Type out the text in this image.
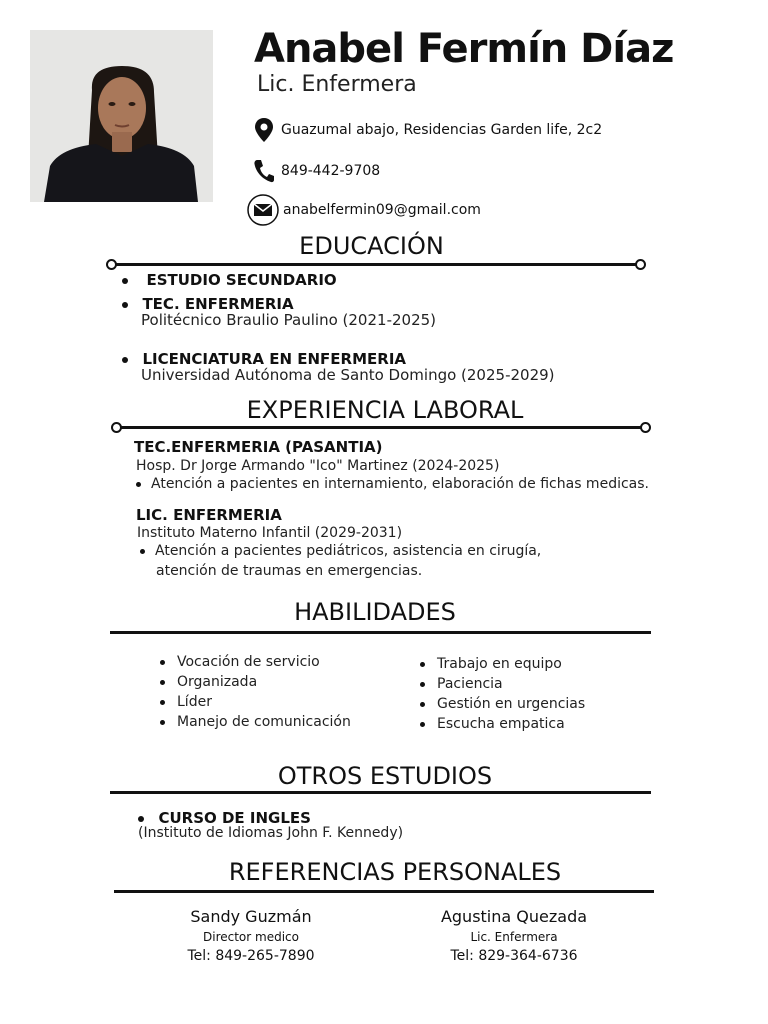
Anabel Fermín Díaz
Lic. Enfermera
Guazumal abajo, Residencias Garden life, 2c2
849-442-9708
anabelfermin09@gmail.com
EDUCACIÓN
ESTUDIO SECUNDARIO
TEC. ENFERMERIA
Politécnico Braulio Paulino (2021-2025)
LICENCIATURA EN ENFERMERIA
Universidad Autónoma de Santo Domingo (2025-2029)
EXPERIENCIA LABORAL
TEC.ENFERMERIA (PASANTIA)
Hosp. Dr Jorge Armando "Ico" Martinez (2024-2025)
Atención a pacientes en internamiento, elaboración de fichas medicas.
LIC. ENFERMERIA
Instituto Materno Infantil (2029-2031)
Atención a pacientes pediátricos, asistencia en cirugía,
atención de traumas en emergencias.
HABILIDADES
Vocación de servicio
Organizada
Líder
Manejo de comunicación
Trabajo en equipo
Paciencia
Gestión en urgencias
Escucha empatica
OTROS ESTUDIOS
CURSO DE INGLES
(Instituto de Idiomas John F. Kennedy)
REFERENCIAS PERSONALES
Sandy Guzmán
Director medico
Tel: 849-265-7890
Agustina Quezada
Lic. Enfermera
Tel: 829-364-6736
